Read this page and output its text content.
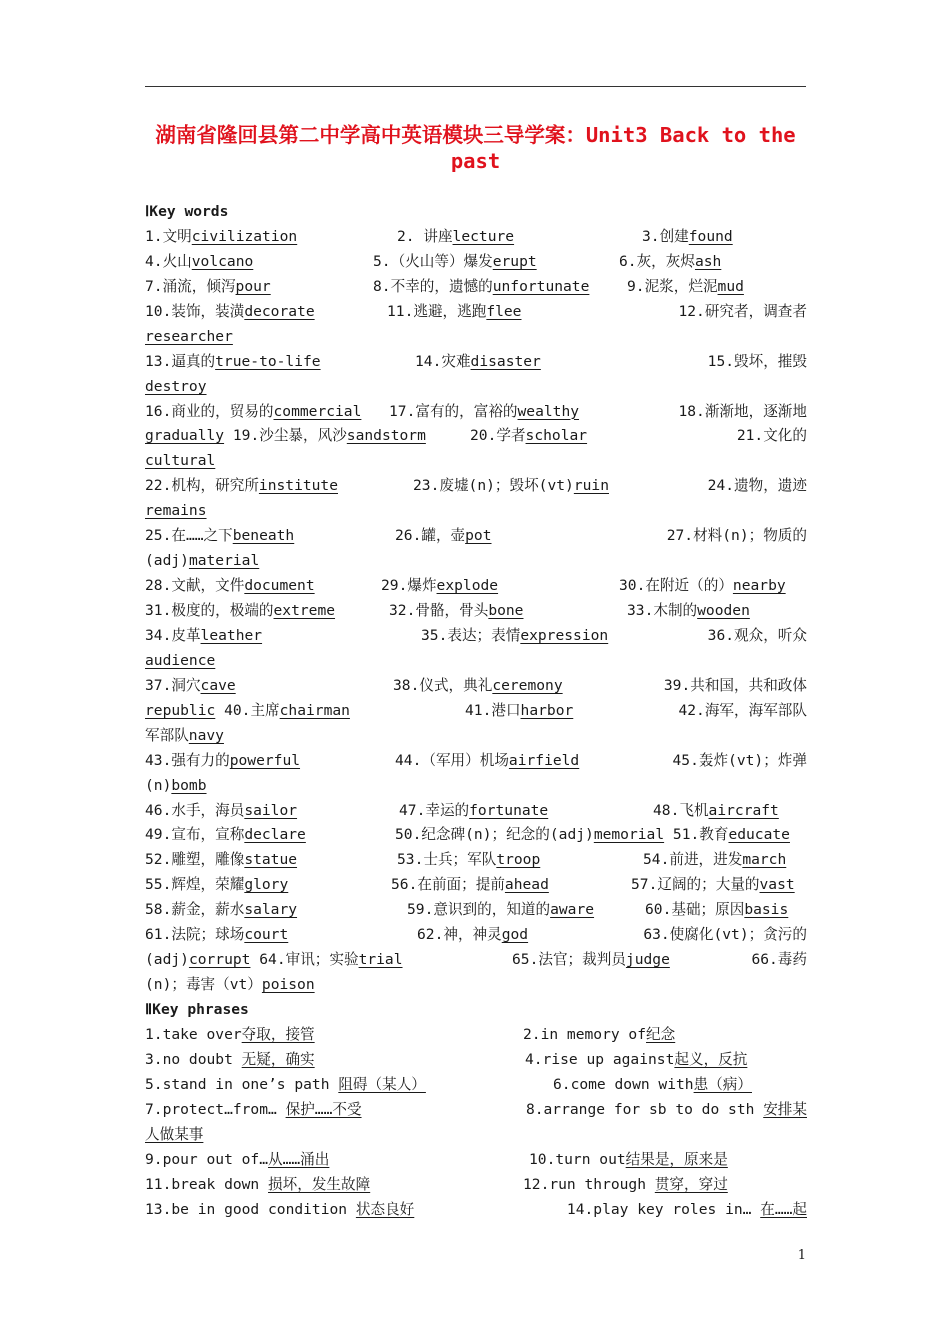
湖南省隆回县第二中学高中英语模块三导学案：Unit3 Back to the past
ⅠKey words
1.文明civilization	2. 讲座lecture	3.创建found
4.火山volcano	5.（火山等）爆发erupt	6.灰，灰烬ash
7.涌流，倾泻pour	8.不幸的，遗憾的unfortunate	9.泥浆，烂泥mud
10.装饰，装潢decorate	11.逃避，逃跑flee	12.研究者，调查者
researcher
13.逼真的true-to-life	14.灾难disaster	15.毁坏，摧毁
destroy
16.商业的，贸易的commercial 17.富有的，富裕的wealthy	18.渐渐地，逐渐地
gradually 19.沙尘暴，风沙sandstorm	20.学者scholar	21.文化的
cultural
22.机构，研究所institute	23.废墟(n)；毁坏(vt)ruin	24.遗物，遗迹
remains
25.在……之下beneath	26.罐，壶pot	27.材料(n)；物质的
(adj)material
28.文献，文件document	29.爆炸explode	30.在附近（的）nearby
31.极度的，极端的extreme	32.骨骼，骨头bone	33.木制的wooden
34.皮革leather	35.表达；表情expression	36.观众，听众
audience
37.洞穴cave	38.仪式，典礼ceremony	39.共和国，共和政体
republic 40.主席chairman	41.港口harbor	42.海军，海军部队
军部队navy
43.强有力的powerful	44.（军用）机场airfield	45.轰炸(vt)；炸弹
(n)bomb
46.水手，海员sailor	47.幸运的fortunate	48.飞机aircraft
49.宣布，宣称declare	50.纪念碑(n)；纪念的(adj)memorial 51.教育educate
52.雕塑，雕像statue	53.士兵；军队troop	54.前进，进发march
55.辉煌，荣耀glory	56.在前面；提前ahead	57.辽阔的；大量的vast
58.薪金，薪水salary	59.意识到的，知道的aware	60.基础；原因basis
61.法院；球场court	62.神，神灵god	63.使腐化(vt)；贪污的
(adj)corrupt 64.审讯；实验trial	65.法官；裁判员judge	66.毒药
(n)；毒害（vt）poison
ⅡKey phrases
1.take over夺取，接管	2.in memory of纪念
3.no doubt 无疑，确实	4.rise up against起义，反抗
5.stand in one’s path 阻碍（某人）	6.come down with患（病）
7.protect…from… 保护……不受	8.arrange for sb to do sth 安排某
人做某事
9.pour out of…从……涌出	10.turn out结果是，原来是
11.break down 损坏，发生故障	12.run through 贯穿，穿过
13.be in good condition 状态良好	14.play key roles in… 在……起
1
